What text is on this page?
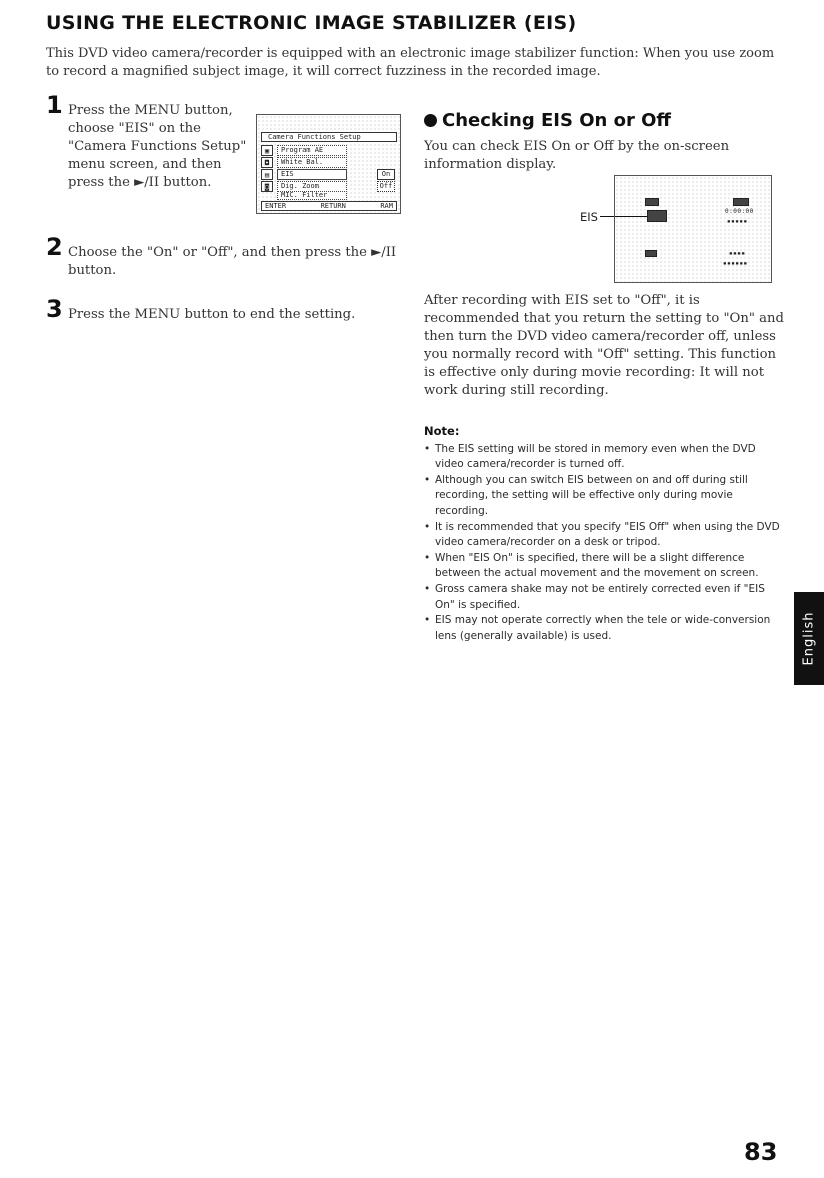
USING THE ELECTRONIC IMAGE STABILIZER (EIS)
This DVD video camera/recorder is equipped with an electronic image stabilizer function: When you use zoom to record a magnified subject image, it will correct fuzziness in the recorded image.
1 Press the MENU button, choose "EIS" on the "Camera Functions Setup" menu screen, and then press the ►/II button.
Camera Functions Setup
▣
◘
▤
◙
Program AE
White Bal.
EIS
Dig. Zoom
MIC. Filter
On
Off
ENTER	RETURN	RAM
2 Choose the "On" or "Off", and then press the ►/II button.
3 Press the MENU button to end the setting.
Checking EIS On or Off
You can check EIS On or Off by the on-screen information display.
EIS	0:00:00
▪▪▪▪▪
▪▪▪▪
▪▪▪▪▪▪
After recording with EIS set to "Off", it is recommended that you return the setting to "On" and then turn the DVD video camera/recorder off, unless you normally record with "Off" setting. This function is effective only during movie recording: It will not work during still recording.
Note:
• The EIS setting will be stored in memory even when the DVD video camera/recorder is turned off.
• Although you can switch EIS between on and off during still recording, the setting will be effective only during movie recording.
• It is recommended that you specify "EIS Off" when using the DVD video camera/recorder on a desk or tripod.
• When "EIS On" is specified, there will be a slight difference between the actual movement and the movement on screen.
• Gross camera shake may not be entirely corrected even if "EIS On" is specified.
• EIS may not operate correctly when the tele or wide-conversion lens (generally available) is used.	English
83
